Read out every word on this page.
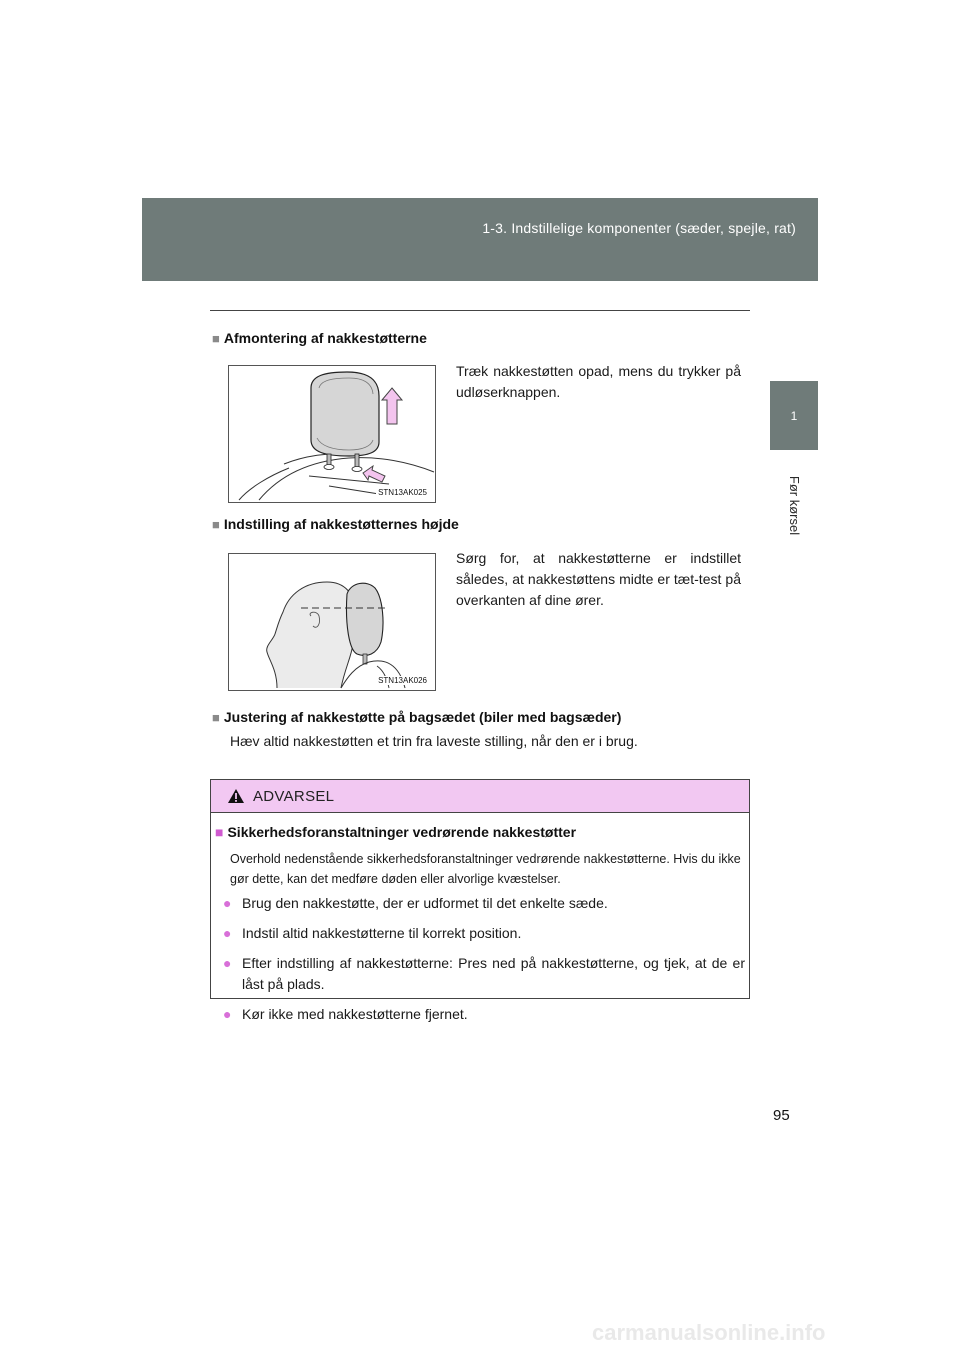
1-3. Indstillelige komponenter (sæder, spejle, rat)
1
Før kørsel
■ Afmontering af nakkestøtterne
STN13AK025
Træk nakkestøtten opad, mens du trykker på udløserknappen.
■ Indstilling af nakkestøtternes højde
STN13AK026
Sørg for, at nakkestøtterne er indstillet således, at nakkestøttens midte er tæt-test på overkanten af dine ører.
■ Justering af nakkestøtte på bagsædet (biler med bagsæder)
Hæv altid nakkestøtten et trin fra laveste stilling, når den er i brug.
ADVARSEL
■ Sikkerhedsforanstaltninger vedrørende nakkestøtter
Overhold nedenstående sikkerhedsforanstaltninger vedrørende nakkestøtterne. Hvis du ikke gør dette, kan det medføre døden eller alvorlige kvæstelser.
● Brug den nakkestøtte, der er udformet til det enkelte sæde.
● Indstil altid nakkestøtterne til korrekt position.
● Efter indstilling af nakkestøtterne: Pres ned på nakkestøtterne, og tjek, at de er låst på plads.
● Kør ikke med nakkestøtterne fjernet.
95
carmanualsonline.info
